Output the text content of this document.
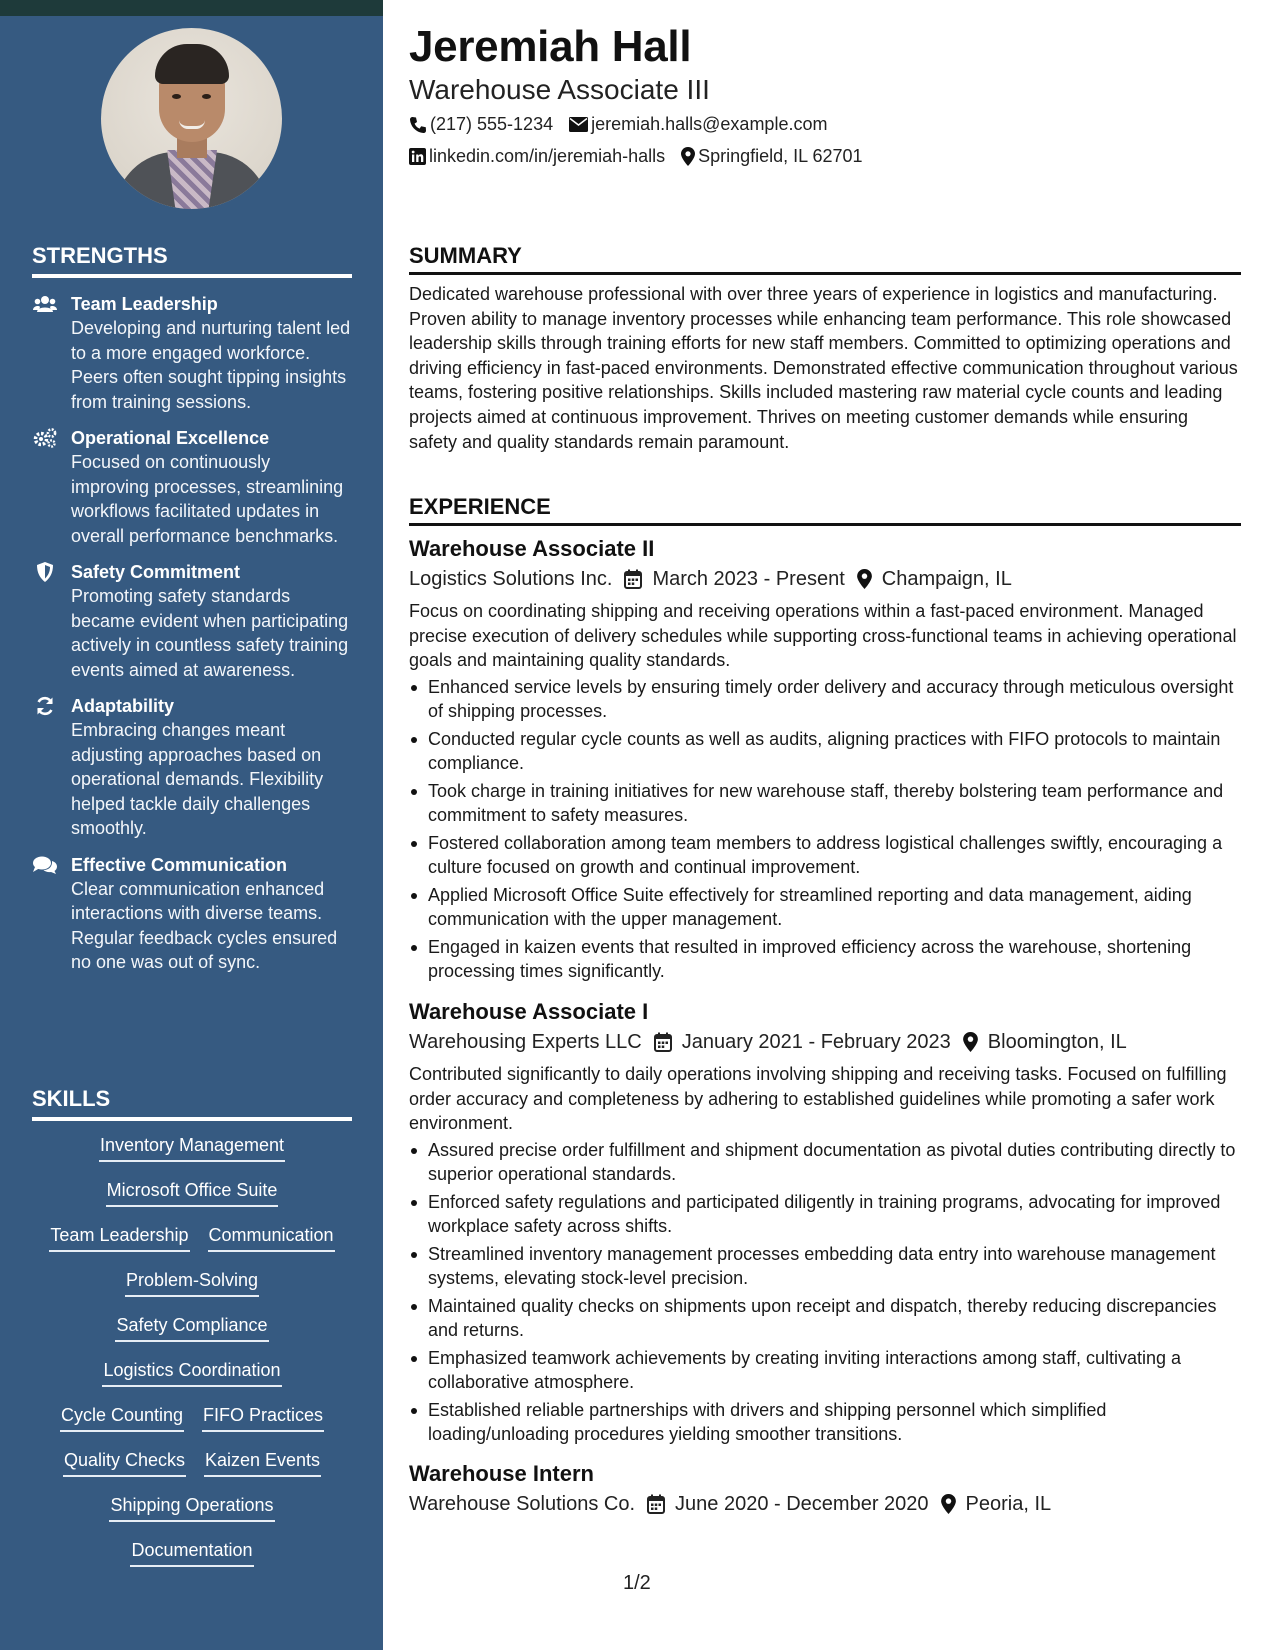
STRENGTHS
Team Leadership
Developing and nurturing talent led to a more engaged workforce. Peers often sought tipping insights from training sessions.
Operational Excellence
Focused on continuously improving processes, streamlining workflows facilitated updates in overall performance benchmarks.
Safety Commitment
Promoting safety standards became evident when participating actively in countless safety training events aimed at awareness.
Adaptability
Embracing changes meant adjusting approaches based on operational demands. Flexibility helped tackle daily challenges smoothly.
Effective Communication
Clear communication enhanced interactions with diverse teams. Regular feedback cycles ensured no one was out of sync.
SKILLS
Inventory Management
Microsoft Office Suite
Team Leadership Communication
Problem-Solving
Safety Compliance
Logistics Coordination
Cycle Counting FIFO Practices
Quality Checks Kaizen Events
Shipping Operations
Documentation
Jeremiah Hall
Warehouse Associate III
(217) 555-1234 jeremiah.halls@example.com
linkedin.com/in/jeremiah-halls Springfield, IL 62701
SUMMARY
Dedicated warehouse professional with over three years of experience in logistics and manufacturing. Proven ability to manage inventory processes while enhancing team performance. This role showcased leadership skills through training efforts for new staff members. Committed to optimizing operations and driving efficiency in fast-paced environments. Demonstrated effective communication throughout various teams, fostering positive relationships. Skills included mastering raw material cycle counts and leading projects aimed at continuous improvement. Thrives on meeting customer demands while ensuring safety and quality standards remain paramount.
EXPERIENCE
Warehouse Associate II
Logistics Solutions Inc. March 2023 - Present Champaign, IL
Focus on coordinating shipping and receiving operations within a fast-paced environment. Managed precise execution of delivery schedules while supporting cross-functional teams in achieving operational goals and maintaining quality standards.
Enhanced service levels by ensuring timely order delivery and accuracy through meticulous oversight of shipping processes.
Conducted regular cycle counts as well as audits, aligning practices with FIFO protocols to maintain compliance.
Took charge in training initiatives for new warehouse staff, thereby bolstering team performance and commitment to safety measures.
Fostered collaboration among team members to address logistical challenges swiftly, encouraging a culture focused on growth and continual improvement.
Applied Microsoft Office Suite effectively for streamlined reporting and data management, aiding communication with the upper management.
Engaged in kaizen events that resulted in improved efficiency across the warehouse, shortening processing times significantly.
Warehouse Associate I
Warehousing Experts LLC January 2021 - February 2023 Bloomington, IL
Contributed significantly to daily operations involving shipping and receiving tasks. Focused on fulfilling order accuracy and completeness by adhering to established guidelines while promoting a safer work environment.
Assured precise order fulfillment and shipment documentation as pivotal duties contributing directly to superior operational standards.
Enforced safety regulations and participated diligently in training programs, advocating for improved workplace safety across shifts.
Streamlined inventory management processes embedding data entry into warehouse management systems, elevating stock-level precision.
Maintained quality checks on shipments upon receipt and dispatch, thereby reducing discrepancies and returns.
Emphasized teamwork achievements by creating inviting interactions among staff, cultivating a collaborative atmosphere.
Established reliable partnerships with drivers and shipping personnel which simplified loading/unloading procedures yielding smoother transitions.
Warehouse Intern
Warehouse Solutions Co. June 2020 - December 2020 Peoria, IL
1/2
